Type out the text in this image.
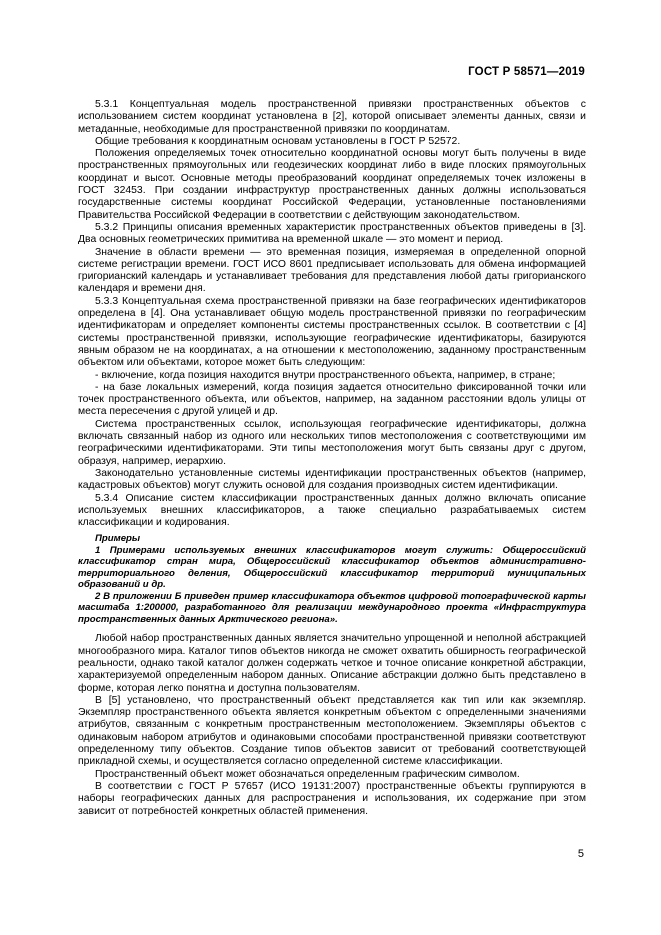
ГОСТ Р 58571—2019

5.3.1 Концептуальная модель пространственной привязки пространственных объектов с использованием систем координат установлена в [2], которой описывает элементы данных, связи и метаданные, необходимые для пространственной привязки по координатам.

Общие требования к координатным основам установлены в ГОСТ Р 52572.

Положения определяемых точек относительно координатной основы могут быть получены в виде пространственных прямоугольных или геодезических координат либо в виде плоских прямоугольных координат и высот. Основные методы преобразований координат определяемых точек изложены в ГОСТ 32453. При создании инфраструктур пространственных данных должны использоваться государственные системы координат Российской Федерации, установленные постановлениями Правительства Российской Федерации в соответствии с действующим законодательством.

5.3.2 Принципы описания временных характеристик пространственных объектов приведены в [3]. Два основных геометрических примитива на временной шкале — это момент и период.

Значение в области времени — это временная позиция, измеряемая в определенной опорной системе регистрации времени. ГОСТ ИСО 8601 предписывает использовать для обмена информацией григорианский календарь и устанавливает требования для представления любой даты григорианского календаря и времени дня.

5.3.3 Концептуальная схема пространственной привязки на базе географических идентификаторов определена в [4]. Она устанавливает общую модель пространственной привязки по географическим идентификаторам и определяет компоненты системы пространственных ссылок. В соответствии с [4] системы пространственной привязки, использующие географические идентификаторы, базируются явным образом не на координатах, а на отношении к местоположению, заданному пространственным объектом или объектами, которое может быть следующим:

- включение, когда позиция находится внутри пространственного объекта, например, в стране;

- на базе локальных измерений, когда позиция задается относительно фиксированной точки или точек пространственного объекта, или объектов, например, на заданном расстоянии вдоль улицы от места пересечения с другой улицей и др.

Система пространственных ссылок, использующая географические идентификаторы, должна включать связанный набор из одного или нескольких типов местоположения с соответствующими им географическими идентификаторами. Эти типы местоположения могут быть связаны друг с другом, образуя, например, иерархию.

Законодательно установленные системы идентификации пространственных объектов (например, кадастровых объектов) могут служить основой для создания производных систем идентификации.

5.3.4 Описание систем классификации пространственных данных должно включать описание используемых внешних классификаторов, а также специально разрабатываемых систем классификации и кодирования.

Примеры

1 Примерами используемых внешних классификаторов могут служить: Общероссийский классификатор стран мира, Общероссийский классификатор объектов административно-территориального деления, Общероссийский классификатор территорий муниципальных образований и др.

2 В приложении Б приведен пример классификатора объектов цифровой топографической карты масштаба 1:200000, разработанного для реализации международного проекта «Инфраструктура пространственных данных Арктического региона».

Любой набор пространственных данных является значительно упрощенной и неполной абстракцией многообразного мира. Каталог типов объектов никогда не сможет охватить обширность географической реальности, однако такой каталог должен содержать четкое и точное описание конкретной абстракции, характеризуемой определенным набором данных. Описание абстракции должно быть представлено в форме, которая легко понятна и доступна пользователям.

В [5] установлено, что пространственный объект представляется как тип или как экземпляр. Экземпляр пространственного объекта является конкретным объектом с определенными значениями атрибутов, связанным с конкретным пространственным местоположением. Экземпляры объектов с одинаковым набором атрибутов и одинаковыми способами пространственной привязки соответствуют определенному типу объектов. Создание типов объектов зависит от требований соответствующей прикладной схемы, и осуществляется согласно определенной системе классификации.

Пространственный объект может обозначаться определенным графическим символом.

В соответствии с ГОСТ Р 57657 (ИСО 19131:2007) пространственные объекты группируются в наборы географических данных для распространения и использования, их содержание при этом зависит от потребностей конкретных областей применения.

5
